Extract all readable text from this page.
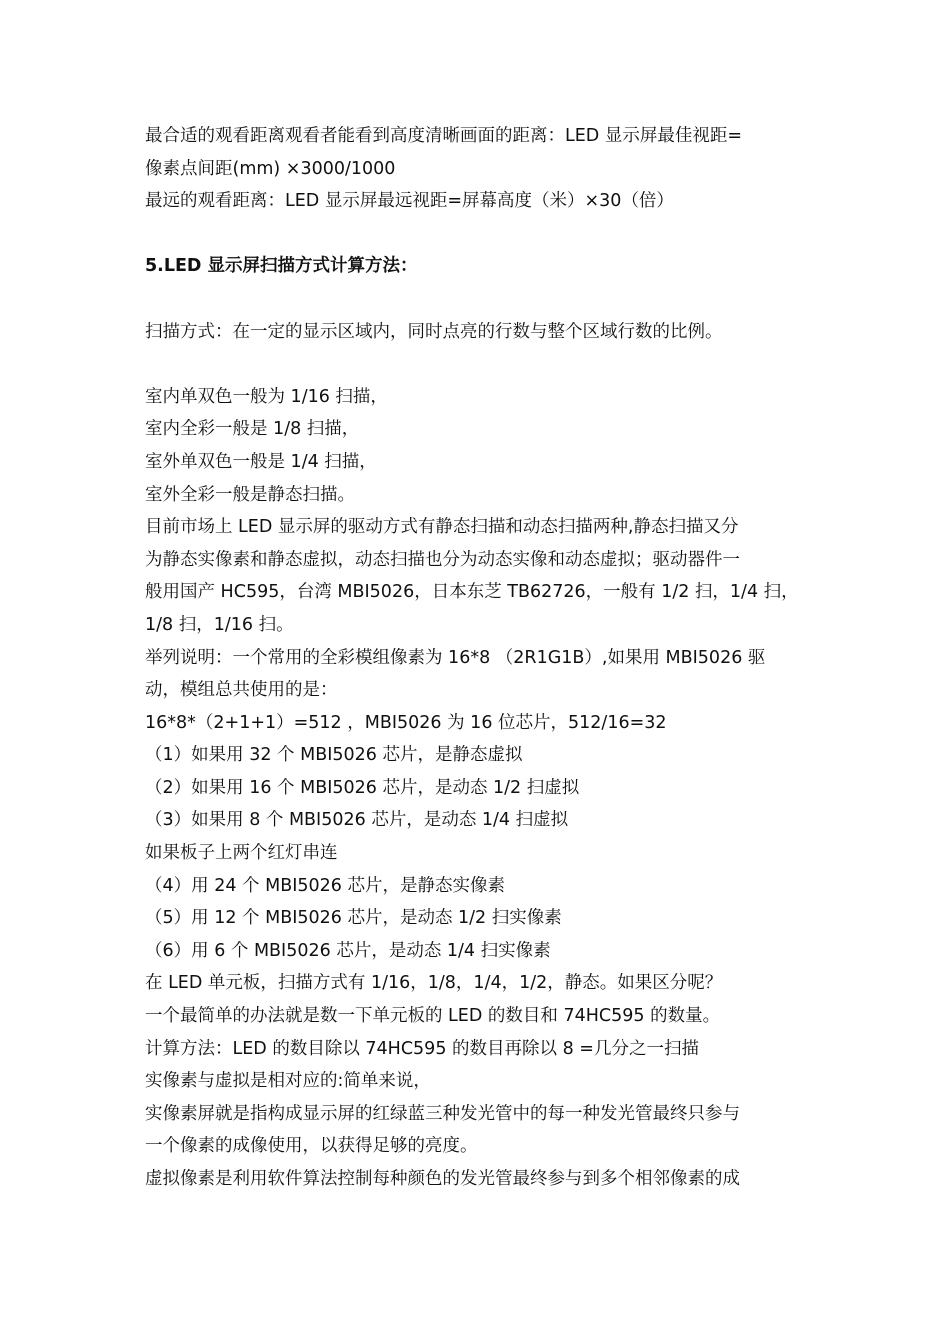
最合适的观看距离观看者能看到高度清晰画面的距离：LED 显示屏最佳视距=
像素点间距(mm) ×3000/1000
最远的观看距离：LED 显示屏最远视距=屏幕高度（米）×30（倍）
5.LED 显示屏扫描方式计算方法：
扫描方式：在一定的显示区域内，同时点亮的行数与整个区域行数的比例。
室内单双色一般为 1/16 扫描，
室内全彩一般是 1/8 扫描，
室外单双色一般是 1/4 扫描，
室外全彩一般是静态扫描。
目前市场上 LED 显示屏的驱动方式有静态扫描和动态扫描两种,静态扫描又分
为静态实像素和静态虚拟，动态扫描也分为动态实像和动态虚拟；驱动器件一
般用国产 HC595，台湾 MBI5026，日本东芝 TB62726，一般有 1/2 扫，1/4 扫，
1/8 扫，1/16 扫。
举列说明：一个常用的全彩模组像素为 16*8 （2R1G1B）,如果用 MBI5026 驱
动，模组总共使用的是：
16*8*（2+1+1）=512 ，MBI5026 为 16 位芯片，512/16=32
（1）如果用 32 个 MBI5026 芯片，是静态虚拟
（2）如果用 16 个 MBI5026 芯片，是动态 1/2 扫虚拟
（3）如果用 8 个 MBI5026 芯片，是动态 1/4 扫虚拟
如果板子上两个红灯串连
（4）用 24 个 MBI5026 芯片，是静态实像素
（5）用 12 个 MBI5026 芯片，是动态 1/2 扫实像素
（6）用 6 个 MBI5026 芯片，是动态 1/4 扫实像素
在 LED 单元板，扫描方式有 1/16，1/8，1/4，1/2，静态。如果区分呢？
一个最简单的办法就是数一下单元板的 LED 的数目和 74HC595 的数量。
计算方法：LED 的数目除以 74HC595 的数目再除以 8 =几分之一扫描
实像素与虚拟是相对应的:简单来说，
实像素屏就是指构成显示屏的红绿蓝三种发光管中的每一种发光管最终只参与
一个像素的成像使用，以获得足够的亮度。
虚拟像素是利用软件算法控制每种颜色的发光管最终参与到多个相邻像素的成
